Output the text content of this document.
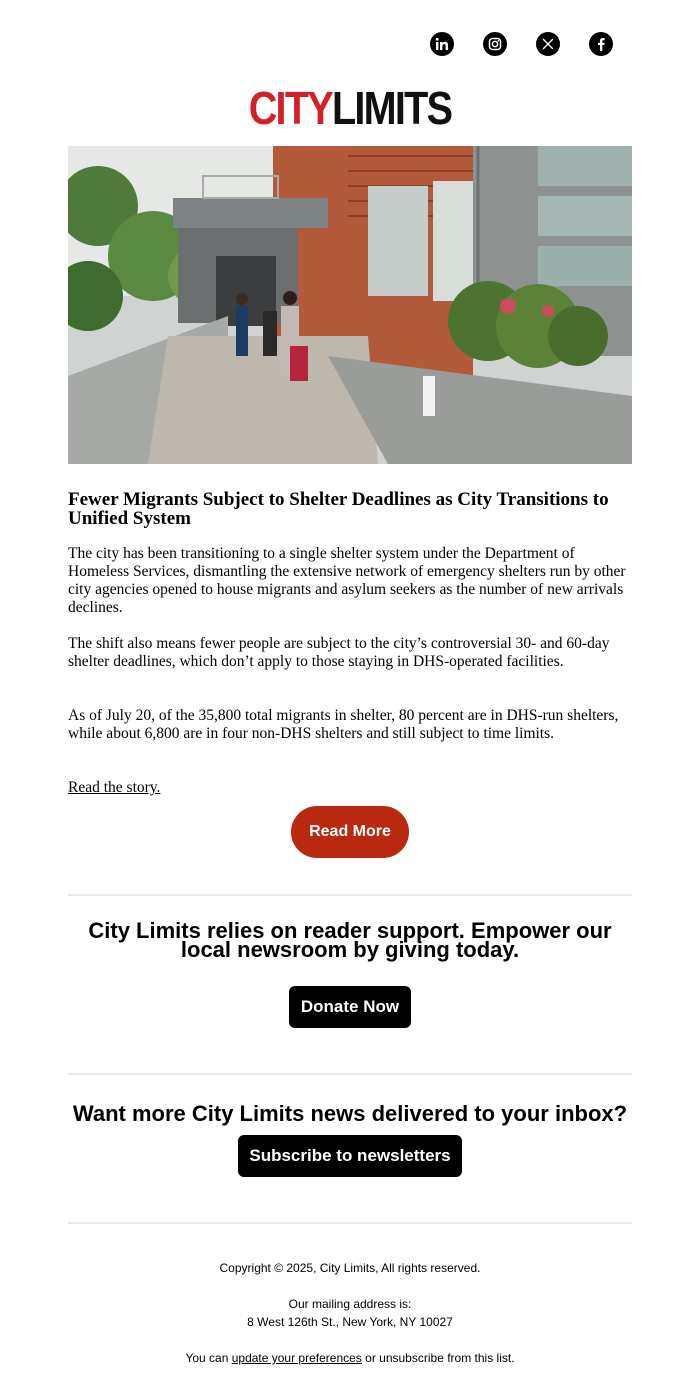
CITYLIMITS
Fewer Migrants Subject to Shelter Deadlines as City Transitions to Unified System

The city has been transitioning to a single shelter system under the Department of Homeless Services, dismantling the extensive network of emergency shelters run by other city agencies opened to house migrants and asylum seekers as the number of new arrivals declines.

The shift also means fewer people are subject to the city’s controversial 30- and 60-day shelter deadlines, which don’t apply to those staying in DHS-operated facilities.

As of July 20, of the 35,800 total migrants in shelter, 80 percent are in DHS-run shelters, while about 6,800 are in four non-DHS shelters and still subject to time limits.

Read the story.
Read More

City Limits relies on reader support. Empower our local newsroom by giving today.

Donate Now

Want more City Limits news delivered to your inbox?

Subscribe to newsletters

Copyright © 2025, City Limits, All rights reserved.

Our mailing address is:

8 West 126th St., New York, NY 10027

You can update your preferences or unsubscribe from this list.
